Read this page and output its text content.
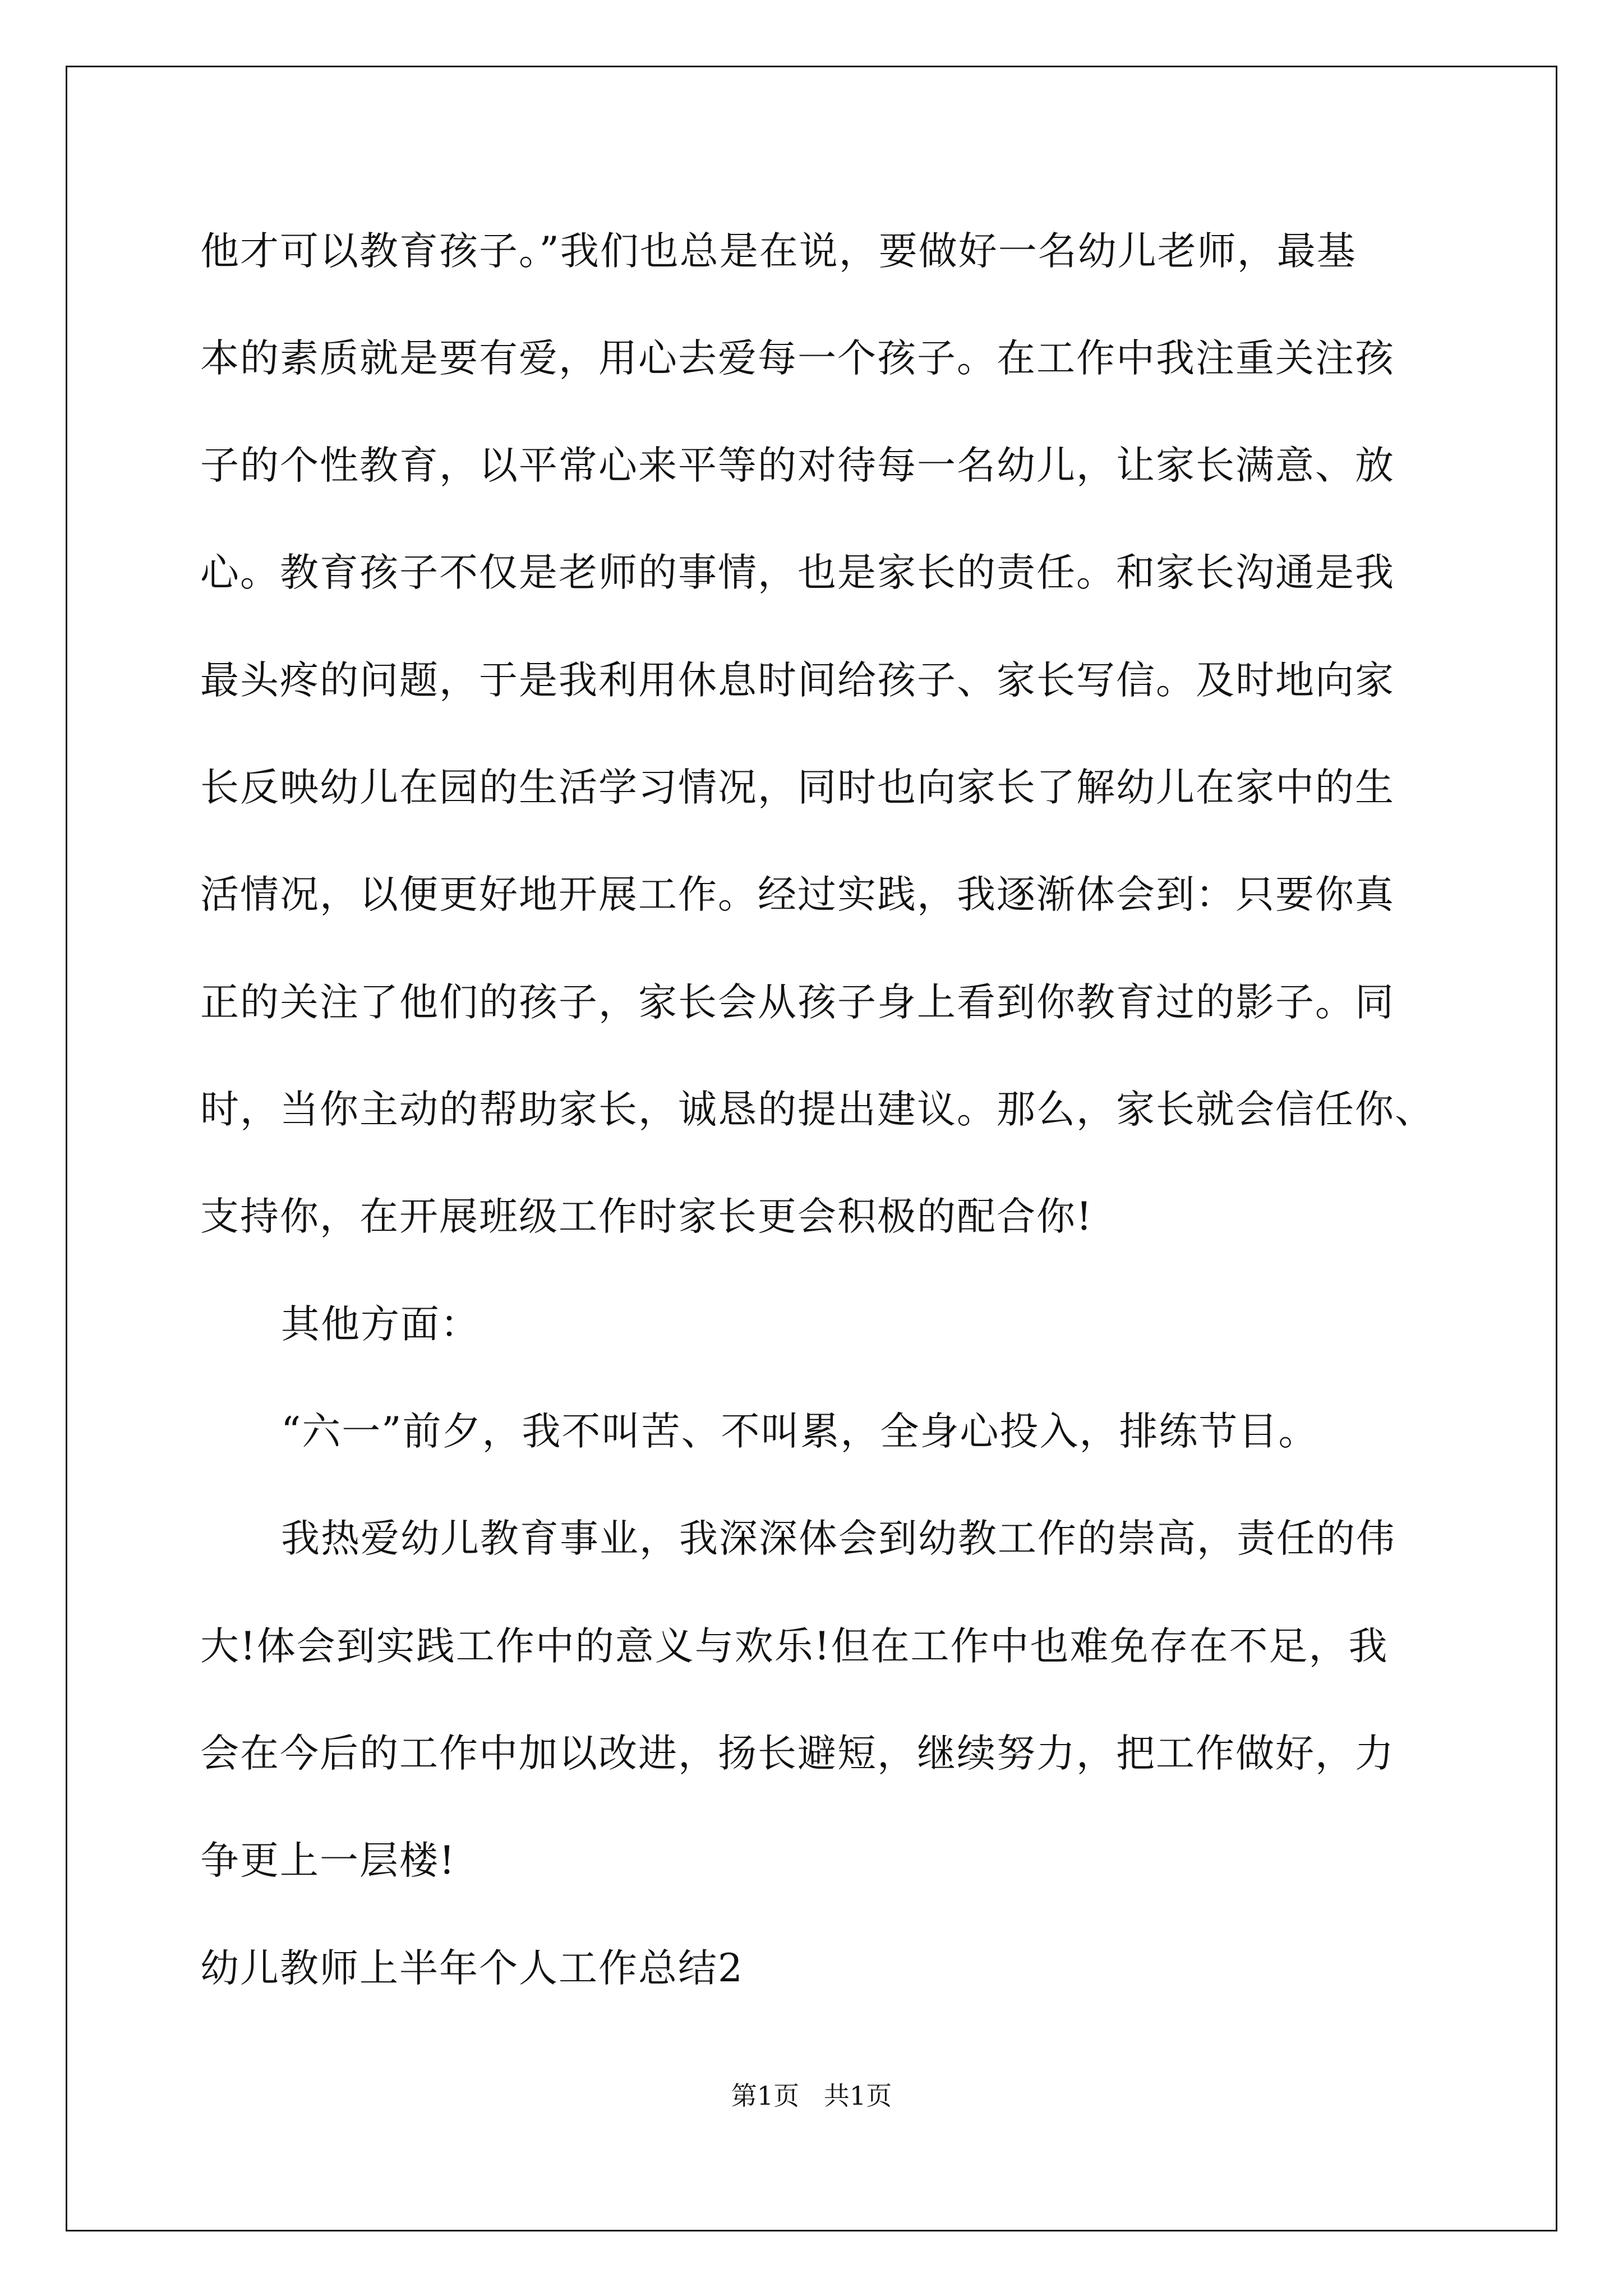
他才可以教育孩子。”我们也总是在说，要做好一名幼儿老师，最基
本的素质就是要有爱，用心去爱每一个孩子。在工作中我注重关注孩
子的个性教育，以平常心来平等的对待每一名幼儿，让家长满意、放
心。教育孩子不仅是老师的事情，也是家长的责任。和家长沟通是我
最头疼的问题，于是我利用休息时间给孩子、家长写信。及时地向家
长反映幼儿在园的生活学习情况，同时也向家长了解幼儿在家中的生
活情况，以便更好地开展工作。经过实践，我逐渐体会到：只要你真
正的关注了他们的孩子，家长会从孩子身上看到你教育过的影子。同
时，当你主动的帮助家长，诚恳的提出建议。那么，家长就会信任你、
支持你，在开展班级工作时家长更会积极的配合你!
其他方面：
“六一”前夕，我不叫苦、不叫累，全身心投入，排练节目。
我热爱幼儿教育事业，我深深体会到幼教工作的崇高，责任的伟
大!体会到实践工作中的意义与欢乐!但在工作中也难免存在不足，我
会在今后的工作中加以改进，扬长避短，继续努力，把工作做好，力
争更上一层楼!
幼儿教师上半年个人工作总结2
第1页   共1页
